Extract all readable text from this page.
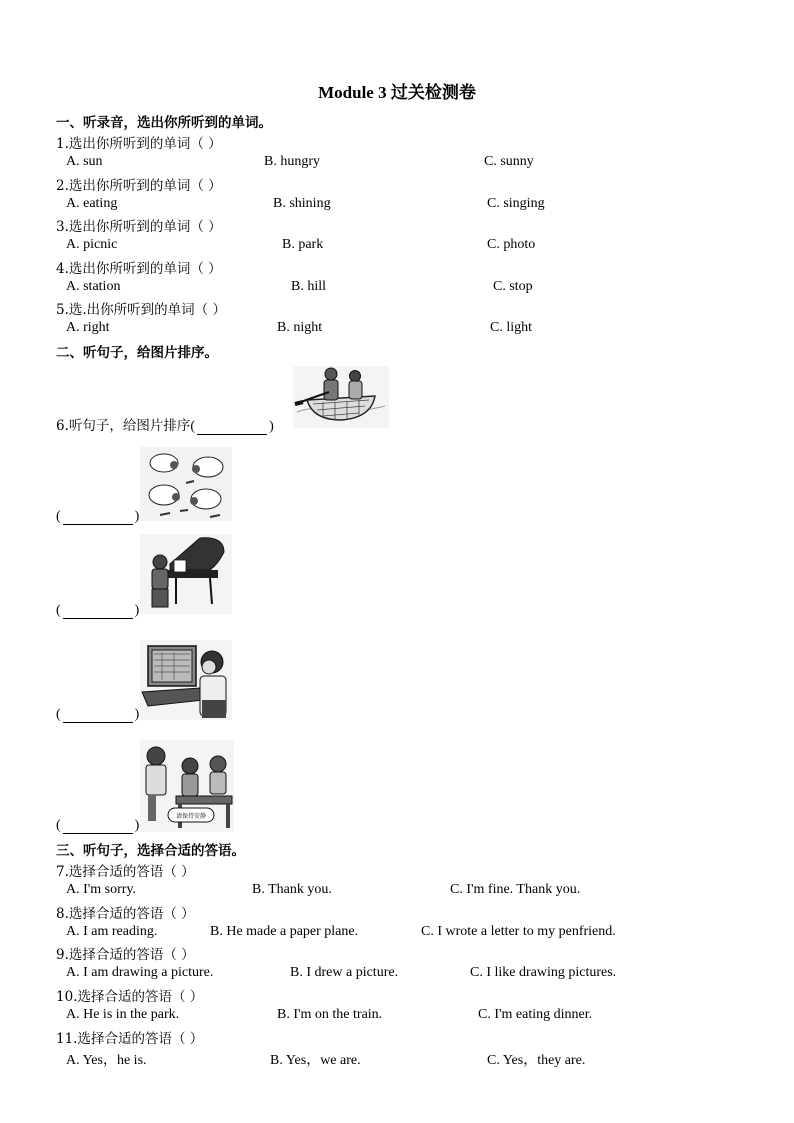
Module 3 过关检测卷
一、听录音，选出你所听到的单词。
1.选出你所听到的单词（ ）
A. sun	B. hungry	C. sunny
2.选出你所听到的单词（ ）
A. eating	B. shining	C. singing
3.选出你所听到的单词（ ）
A. picnic	B. park	C. photo
4.选出你所听到的单词（ ）
A. station	B. hill	C. stop
5.选.出你所听到的单词（ ）
A. right	B. night	C. light
二、听句子，给图片排序。
6.听句子，给图片排序(	)
(	)
(	)
(	)
请保持安静
(	)
三、听句子，选择合适的答语。
7.选择合适的答语（ ）
A. I'm sorry.	B. Thank you.	C. I'm fine. Thank you.
8.选择合适的答语（ ）
A. I am reading.	B. He made a paper plane.	C. I wrote a letter to my penfriend.
9.选择合适的答语（ ）
A. I am drawing a picture.	B. I drew a picture.	C. I like drawing pictures.
10.选择合适的答语（ ）
A. He is in the park.	B. I'm on the train.	C. I'm eating dinner.
11.选择合适的答语（ ）
A. Yes，he is.	B. Yes，we are.	C. Yes，they are.
